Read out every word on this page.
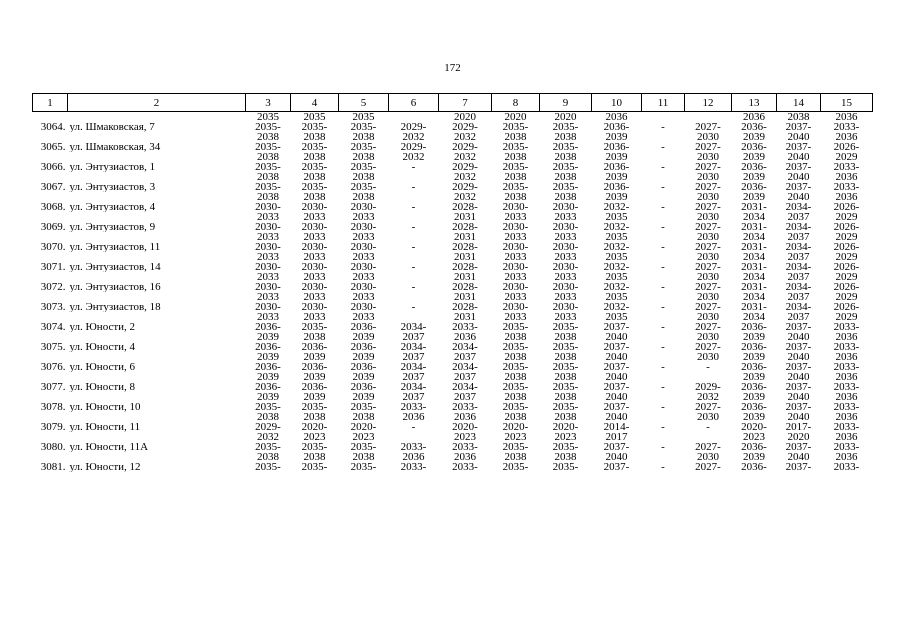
172
1	2	3	4	5	6	7	8	9	10	11	12	13	14	15
		2035	2035	2035		2020	2020	2020	2036			2036	2038	2036
3064.	ул. Шмаковская, 7	2035-	2035-	2035-	2029-	2029-	2035-	2035-	2036-	-	2027-	2036-	2037-	2033-
		2038	2038	2038	2032	2032	2038	2038	2039		2030	2039	2040	2036
3065.	ул. Шмаковская, 34	2035-	2035-	2035-	2029-	2029-	2035-	2035-	2036-	-	2027-	2036-	2037-	2026-
		2038	2038	2038	2032	2032	2038	2038	2039		2030	2039	2040	2029
3066.	ул. Энтузиастов, 1	2035-	2035-	2035-	-	2029-	2035-	2035-	2036-	-	2027-	2036-	2037-	2033-
		2038	2038	2038		2032	2038	2038	2039		2030	2039	2040	2036
3067.	ул. Энтузиастов, 3	2035-	2035-	2035-	-	2029-	2035-	2035-	2036-	-	2027-	2036-	2037-	2033-
		2038	2038	2038		2032	2038	2038	2039		2030	2039	2040	2036
3068.	ул. Энтузиастов, 4	2030-	2030-	2030-	-	2028-	2030-	2030-	2032-	-	2027-	2031-	2034-	2026-
		2033	2033	2033		2031	2033	2033	2035		2030	2034	2037	2029
3069.	ул. Энтузиастов, 9	2030-	2030-	2030-	-	2028-	2030-	2030-	2032-	-	2027-	2031-	2034-	2026-
		2033	2033	2033		2031	2033	2033	2035		2030	2034	2037	2029
3070.	ул. Энтузиастов, 11	2030-	2030-	2030-	-	2028-	2030-	2030-	2032-	-	2027-	2031-	2034-	2026-
		2033	2033	2033		2031	2033	2033	2035		2030	2034	2037	2029
3071.	ул. Энтузиастов, 14	2030-	2030-	2030-	-	2028-	2030-	2030-	2032-	-	2027-	2031-	2034-	2026-
		2033	2033	2033		2031	2033	2033	2035		2030	2034	2037	2029
3072.	ул. Энтузиастов, 16	2030-	2030-	2030-	-	2028-	2030-	2030-	2032-	-	2027-	2031-	2034-	2026-
		2033	2033	2033		2031	2033	2033	2035		2030	2034	2037	2029
3073.	ул. Энтузиастов, 18	2030-	2030-	2030-	-	2028-	2030-	2030-	2032-	-	2027-	2031-	2034-	2026-
		2033	2033	2033		2031	2033	2033	2035		2030	2034	2037	2029
3074.	ул. Юности, 2	2036-	2035-	2036-	2034-	2033-	2035-	2035-	2037-	-	2027-	2036-	2037-	2033-
		2039	2038	2039	2037	2036	2038	2038	2040		2030	2039	2040	2036
3075.	ул. Юности, 4	2036-	2036-	2036-	2034-	2034-	2035-	2035-	2037-	-	2027-	2036-	2037-	2033-
		2039	2039	2039	2037	2037	2038	2038	2040		2030	2039	2040	2036
3076.	ул. Юности, 6	2036-	2036-	2036-	2034-	2034-	2035-	2035-	2037-	-	-	2036-	2037-	2033-
		2039	2039	2039	2037	2037	2038	2038	2040			2039	2040	2036
3077.	ул. Юности, 8	2036-	2036-	2036-	2034-	2034-	2035-	2035-	2037-	-	2029-	2036-	2037-	2033-
		2039	2039	2039	2037	2037	2038	2038	2040		2032	2039	2040	2036
3078.	ул. Юности, 10	2035-	2035-	2035-	2033-	2033-	2035-	2035-	2037-	-	2027-	2036-	2037-	2033-
		2038	2038	2038	2036	2036	2038	2038	2040		2030	2039	2040	2036
3079.	ул. Юности, 11	2029-	2020-	2020-	-	2020-	2020-	2020-	2014-	-	-	2020-	2017-	2033-
		2032	2023	2023		2023	2023	2023	2017			2023	2020	2036
3080.	ул. Юности, 11А	2035-	2035-	2035-	2033-	2033-	2035-	2035-	2037-	-	2027-	2036-	2037-	2033-
		2038	2038	2038	2036	2036	2038	2038	2040		2030	2039	2040	2036
3081.	ул. Юности, 12	2035-	2035-	2035-	2033-	2033-	2035-	2035-	2037-	-	2027-	2036-	2037-	2033-
